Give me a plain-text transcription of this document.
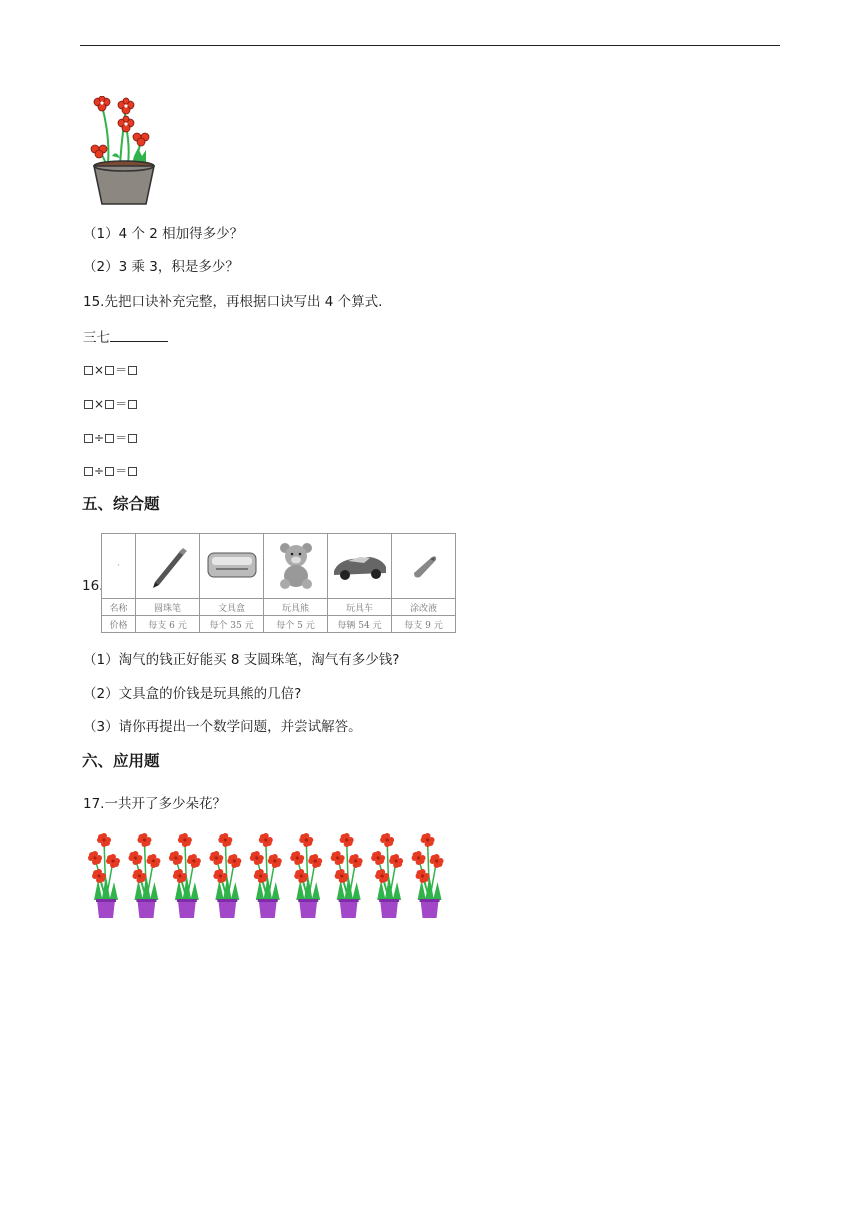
（1）4 个 2 相加得多少？
（2）3 乘 3，积是多少？
15.先把口诀补充完整，再根据口诀写出 4 个算式.
三七
× ＝
× ＝
÷ ＝
÷ ＝
五、综合题
16.
·					
名称	圆珠笔	文具盒	玩具熊	玩具车	涂改液
价格	每支 6 元	每个 35 元	每个 5 元	每辆 54 元	每支 9 元
（1）淘气的钱正好能买 8 支圆珠笔，淘气有多少钱?
（2）文具盒的价钱是玩具熊的几倍?
（3）请你再提出一个数学问题，并尝试解答。
六、应用题
17.一共开了多少朵花？
